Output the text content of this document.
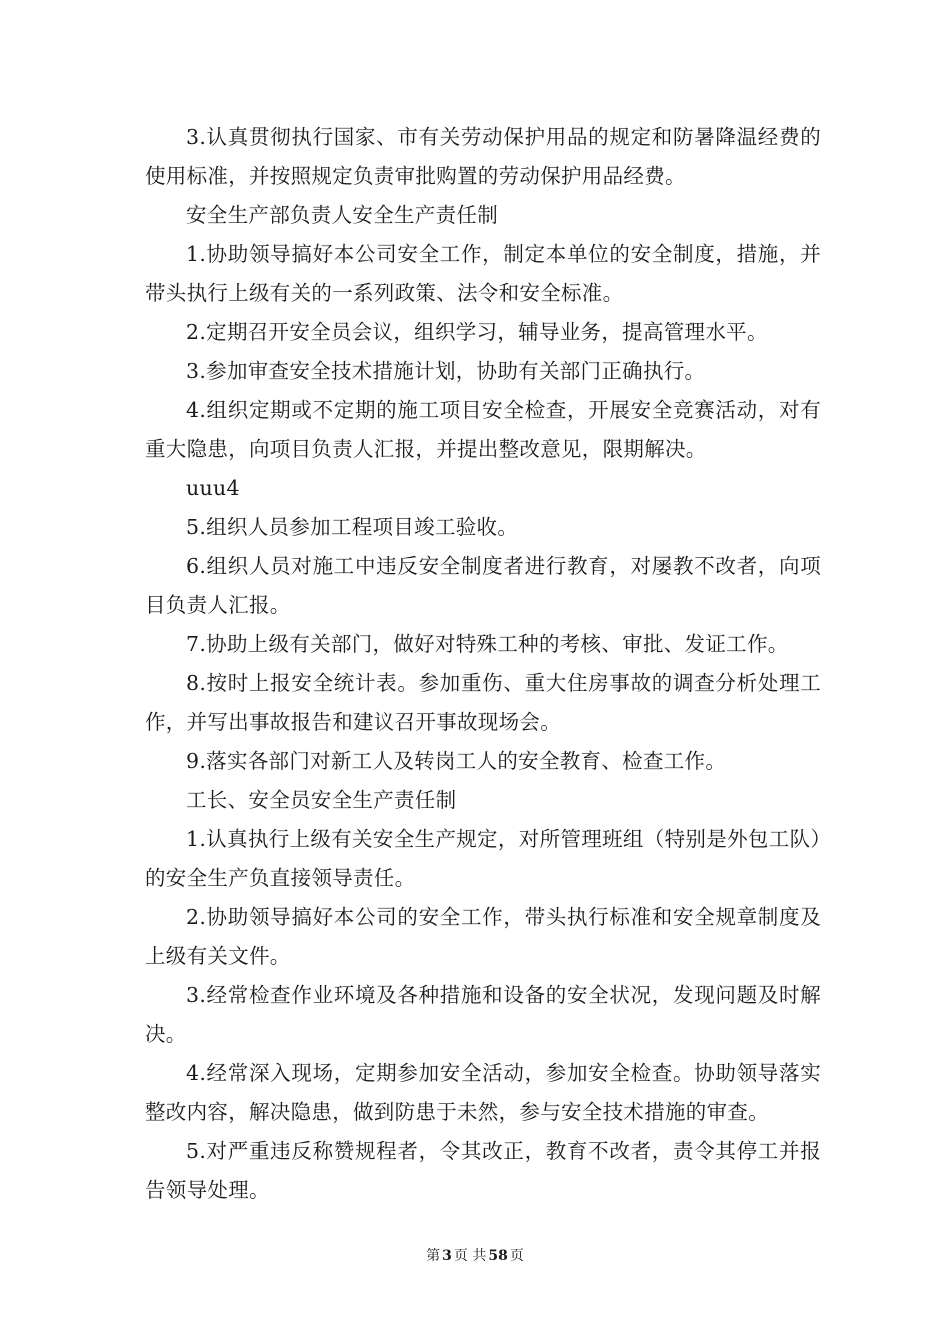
3.认真贯彻执行国家、市有关劳动保护用品的规定和防暑降温经费的使用标准，并按照规定负责审批购置的劳动保护用品经费。

安全生产部负责人安全生产责任制

1.协助领导搞好本公司安全工作，制定本单位的安全制度，措施，并带头执行上级有关的一系列政策、法令和安全标准。

2.定期召开安全员会议，组织学习，辅导业务，提高管理水平。

3.参加审查安全技术措施计划，协助有关部门正确执行。

4.组织定期或不定期的施工项目安全检查，开展安全竞赛活动，对有重大隐患，向项目负责人汇报，并提出整改意见，限期解决。

uuu4

5.组织人员参加工程项目竣工验收。

6.组织人员对施工中违反安全制度者进行教育，对屡教不改者，向项目负责人汇报。

7.协助上级有关部门，做好对特殊工种的考核、审批、发证工作。

8.按时上报安全统计表。参加重伤、重大住房事故的调查分析处理工作，并写出事故报告和建议召开事故现场会。

9.落实各部门对新工人及转岗工人的安全教育、检查工作。

工长、安全员安全生产责任制

1.认真执行上级有关安全生产规定，对所管理班组（特别是外包工队）的安全生产负直接领导责任。

2.协助领导搞好本公司的安全工作，带头执行标准和安全规章制度及上级有关文件。

3.经常检查作业环境及各种措施和设备的安全状况，发现问题及时解决。

4.经常深入现场，定期参加安全活动，参加安全检查。协助领导落实整改内容，解决隐患，做到防患于未然，参与安全技术措施的审查。

5.对严重违反称赞规程者，令其改正，教育不改者，责令其停工并报告领导处理。

第 3 页 共 58 页
